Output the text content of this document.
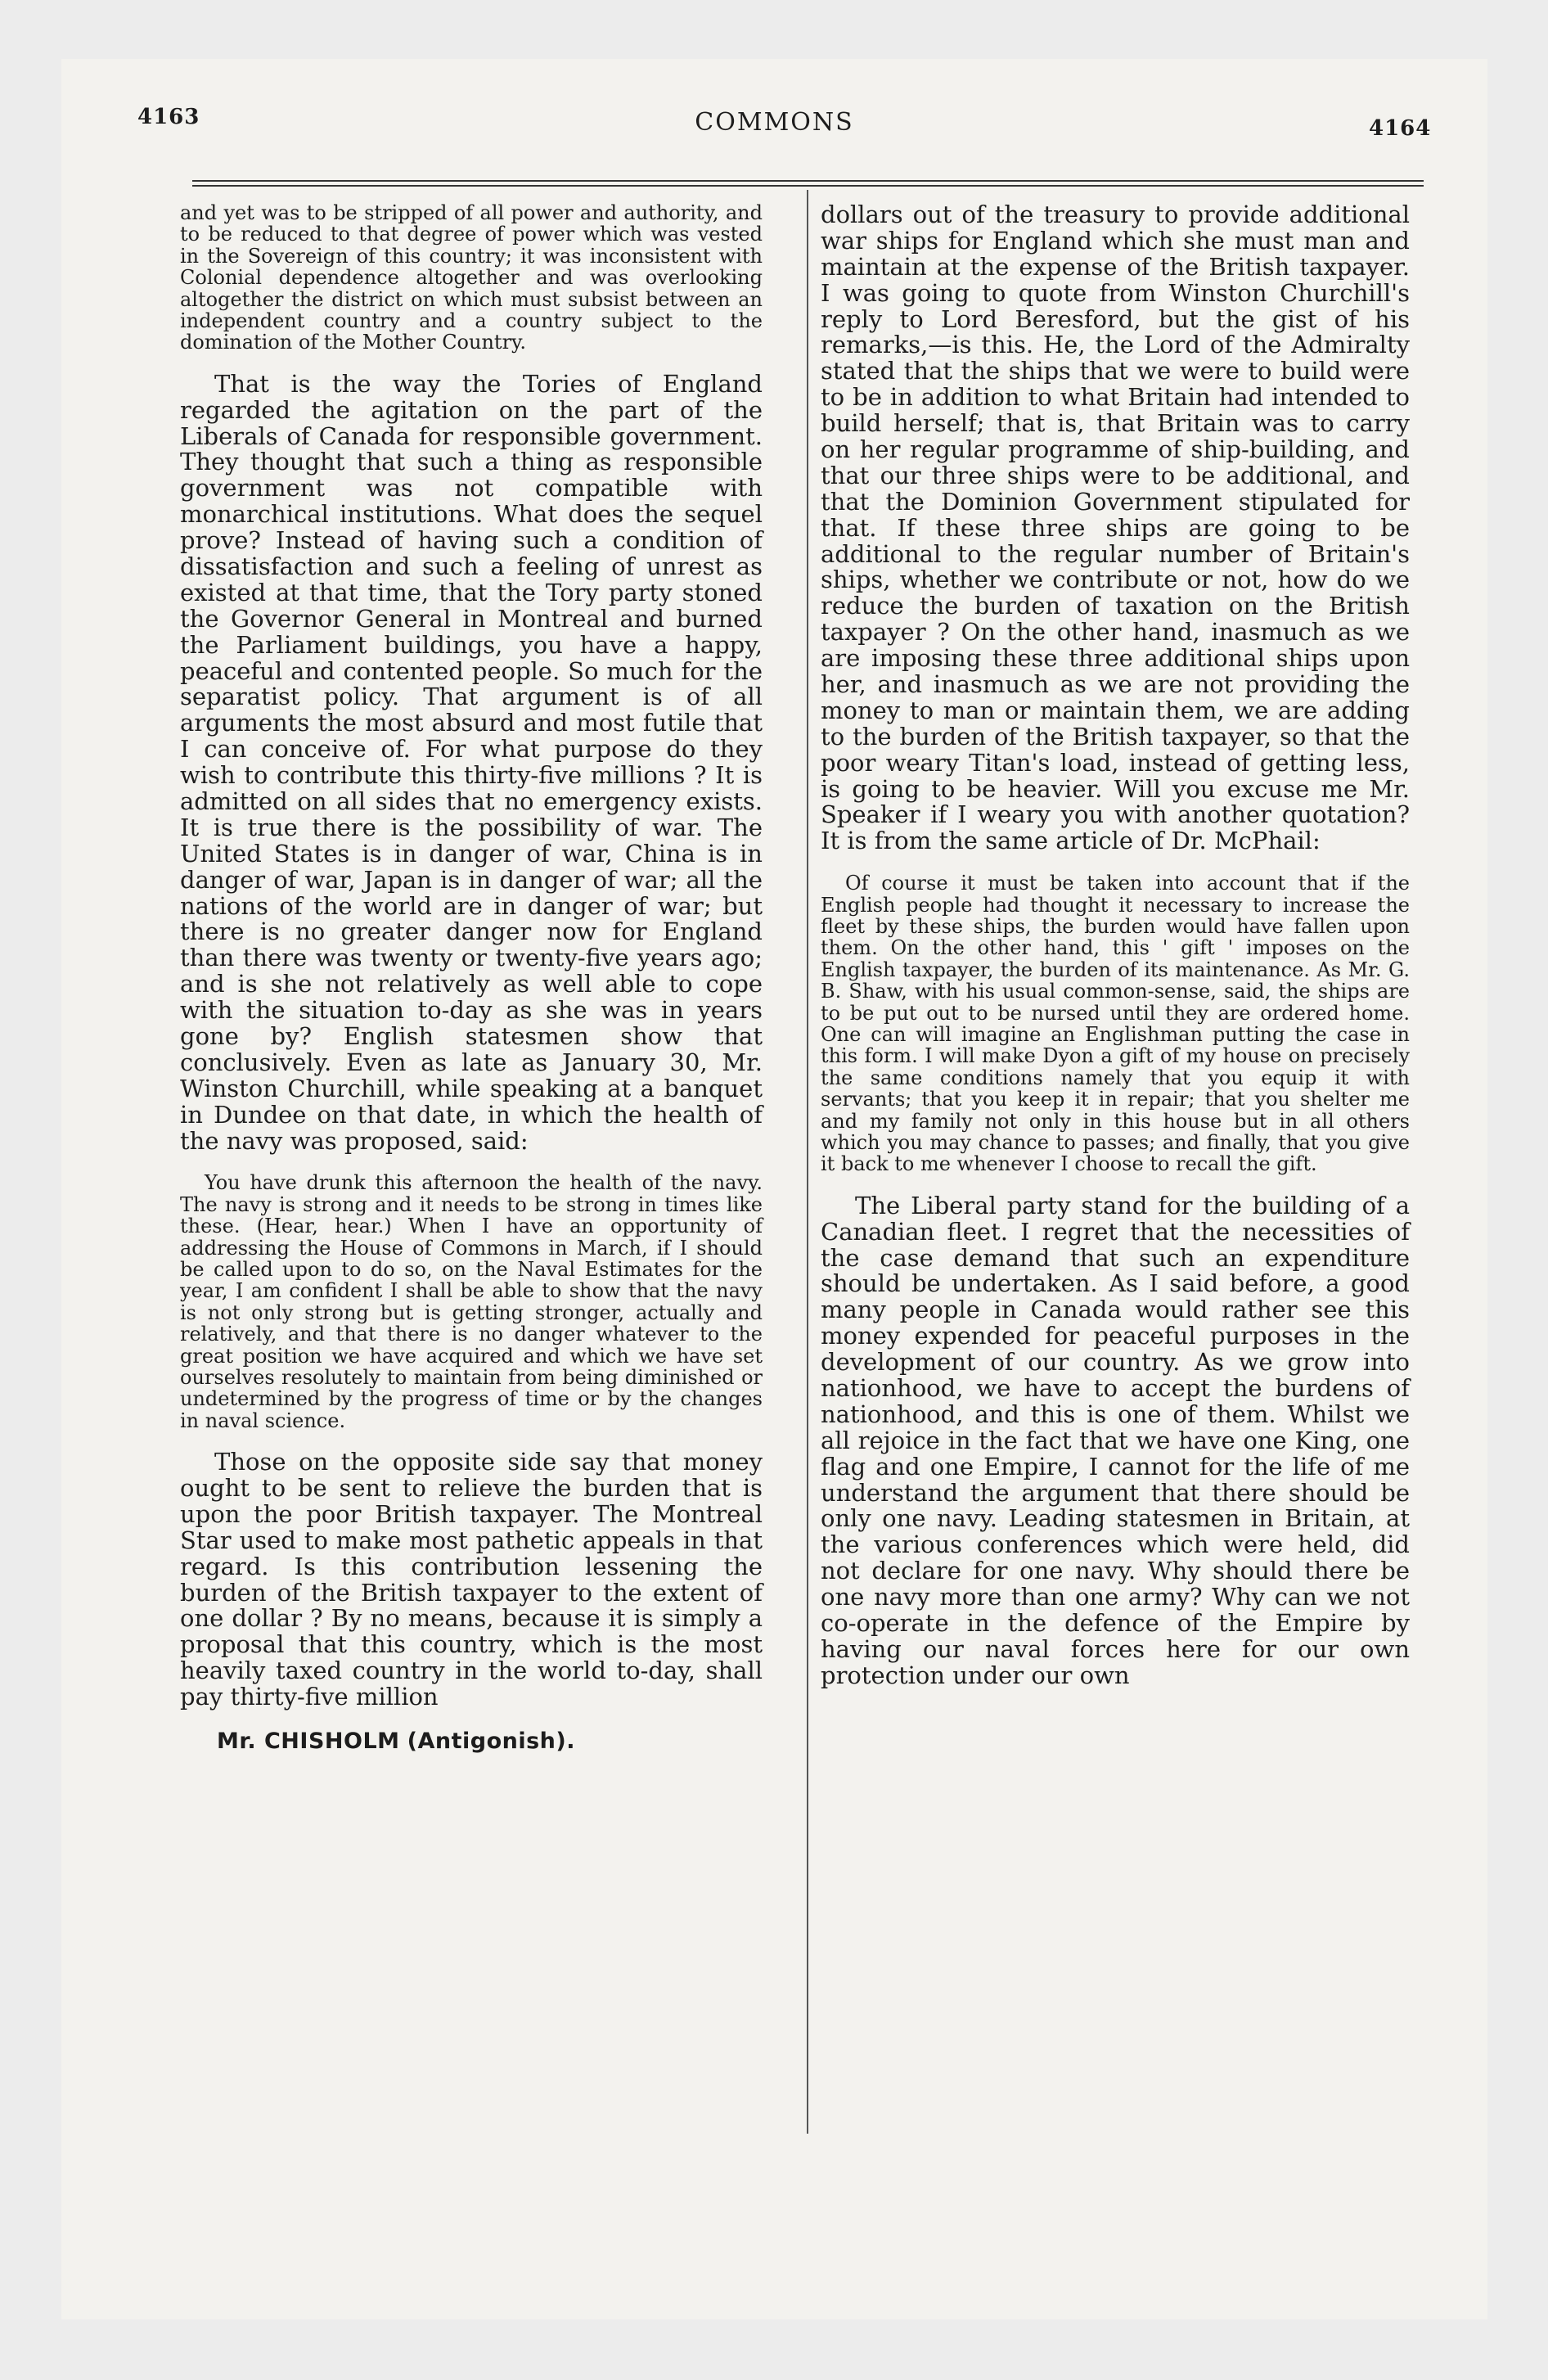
4163	COMMONS	4164

and yet was to be stripped of all power and authority, and to be reduced to that degree of power which was vested in the Sovereign of this country; it was inconsistent with Colonial dependence altogether and was overlooking altogether the district on which must subsist between an independent country and a country subject to the domination of the Mother Country.

That is the way the Tories of England regarded the agitation on the part of the Liberals of Canada for responsible government. They thought that such a thing as responsible government was not compatible with monarchical institutions. What does the sequel prove? Instead of having such a condition of dissatisfaction and such a feeling of unrest as existed at that time, that the Tory party stoned the Governor General in Montreal and burned the Parliament buildings, you have a happy, peaceful and contented people. So much for the separatist policy. That argument is of all arguments the most absurd and most futile that I can conceive of. For what purpose do they wish to contribute this thirty-five millions ? It is admitted on all sides that no emergency exists. It is true there is the possibility of war. The United States is in danger of war, China is in danger of war, Japan is in danger of war; all the nations of the world are in danger of war; but there is no greater danger now for England than there was twenty or twenty-five years ago; and is she not relatively as well able to cope with the situation to-day as she was in years gone by? English statesmen show that conclusively. Even as late as January 30, Mr. Winston Churchill, while speaking at a banquet in Dundee on that date, in which the health of the navy was proposed, said:

You have drunk this afternoon the health of the navy. The navy is strong and it needs to be strong in times like these. (Hear, hear.) When I have an opportunity of addressing the House of Commons in March, if I should be called upon to do so, on the Naval Estimates for the year, I am confident I shall be able to show that the navy is not only strong but is getting stronger, actually and relatively, and that there is no danger whatever to the great position we have acquired and which we have set ourselves resolutely to maintain from being diminished or undetermined by the progress of time or by the changes in naval science.

Those on the opposite side say that money ought to be sent to relieve the burden that is upon the poor British taxpayer. The Montreal Star used to make most pathetic appeals in that regard. Is this contribution lessening the burden of the British taxpayer to the extent of one dollar ? By no means, because it is simply a proposal that this country, which is the most heavily taxed country in the world to-day, shall pay thirty-five million

Mr. CHISHOLM (Antigonish).

dollars out of the treasury to provide additional war ships for England which she must man and maintain at the expense of the British taxpayer. I was going to quote from Winston Churchill's reply to Lord Beresford, but the gist of his remarks,—is this. He, the Lord of the Admiralty stated that the ships that we were to build were to be in addition to what Britain had intended to build herself; that is, that Britain was to carry on her regular programme of ship-building, and that our three ships were to be additional, and that the Dominion Government stipulated for that. If these three ships are going to be additional to the regular number of Britain's ships, whether we contribute or not, how do we reduce the burden of taxation on the British taxpayer ? On the other hand, inasmuch as we are imposing these three additional ships upon her, and inasmuch as we are not providing the money to man or maintain them, we are adding to the burden of the British taxpayer, so that the poor weary Titan's load, instead of getting less, is going to be heavier. Will you excuse me Mr. Speaker if I weary you with another quotation? It is from the same article of Dr. McPhail:

Of course it must be taken into account that if the English people had thought it necessary to increase the fleet by these ships, the burden would have fallen upon them. On the other hand, this ' gift ' imposes on the English taxpayer, the burden of its maintenance. As Mr. G. B. Shaw, with his usual common-sense, said, the ships are to be put out to be nursed until they are ordered home. One can will imagine an Englishman putting the case in this form. I will make Dyon a gift of my house on precisely the same conditions namely that you equip it with servants; that you keep it in repair; that you shelter me and my family not only in this house but in all others which you may chance to passes; and finally, that you give it back to me whenever I choose to recall the gift.

The Liberal party stand for the building of a Canadian fleet. I regret that the necessities of the case demand that such an expenditure should be undertaken. As I said before, a good many people in Canada would rather see this money expended for peaceful purposes in the development of our country. As we grow into nationhood, we have to accept the burdens of nationhood, and this is one of them. Whilst we all rejoice in the fact that we have one King, one flag and one Empire, I cannot for the life of me understand the argument that there should be only one navy. Leading statesmen in Britain, at the various conferences which were held, did not declare for one navy. Why should there be one navy more than one army? Why can we not co-operate in the defence of the Empire by having our naval forces here for our own protection under our own
